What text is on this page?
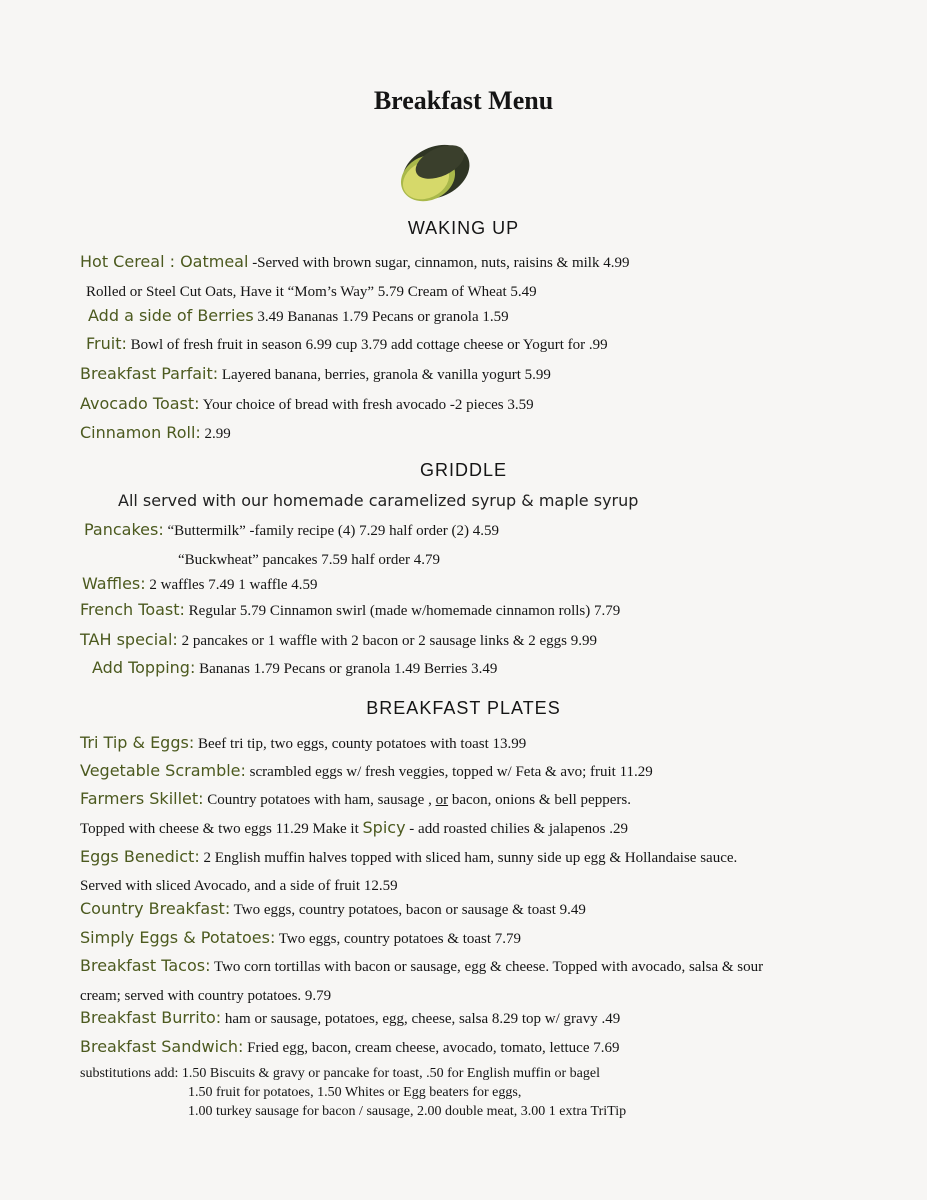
Breakfast Menu
WAKING UP
Hot Cereal : Oatmeal -Served with brown sugar, cinnamon, nuts, raisins & milk 4.99
Rolled or Steel Cut Oats, Have it “Mom’s Way” 5.79 Cream of Wheat 5.49
Add a side of Berries 3.49 Bananas 1.79 Pecans or granola 1.59
Fruit: Bowl of fresh fruit in season 6.99 cup 3.79 add cottage cheese or Yogurt for .99
Breakfast Parfait: Layered banana, berries, granola & vanilla yogurt 5.99
Avocado Toast: Your choice of bread with fresh avocado -2 pieces 3.59
Cinnamon Roll: 2.99
GRIDDLE
All served with our homemade caramelized syrup & maple syrup
Pancakes: “Buttermilk” -family recipe (4) 7.29 half order (2) 4.59
“Buckwheat” pancakes 7.59 half order 4.79
Waffles: 2 waffles 7.49 1 waffle 4.59
French Toast: Regular 5.79 Cinnamon swirl (made w/homemade cinnamon rolls) 7.79
TAH special: 2 pancakes or 1 waffle with 2 bacon or 2 sausage links & 2 eggs 9.99
Add Topping: Bananas 1.79 Pecans or granola 1.49 Berries 3.49
BREAKFAST PLATES
Tri Tip & Eggs: Beef tri tip, two eggs, county potatoes with toast 13.99
Vegetable Scramble: scrambled eggs w/ fresh veggies, topped w/ Feta & avo; fruit 11.29
Farmers Skillet: Country potatoes with ham, sausage , or bacon, onions & bell peppers.
Topped with cheese & two eggs 11.29 Make it Spicy - add roasted chilies & jalapenos .29
Eggs Benedict: 2 English muffin halves topped with sliced ham, sunny side up egg & Hollandaise sauce.
Served with sliced Avocado, and a side of fruit 12.59
Country Breakfast: Two eggs, country potatoes, bacon or sausage & toast 9.49
Simply Eggs & Potatoes: Two eggs, country potatoes & toast 7.79
Breakfast Tacos: Two corn tortillas with bacon or sausage, egg & cheese. Topped with avocado, salsa & sour
cream; served with country potatoes. 9.79
Breakfast Burrito: ham or sausage, potatoes, egg, cheese, salsa 8.29 top w/ gravy .49
Breakfast Sandwich: Fried egg, bacon, cream cheese, avocado, tomato, lettuce 7.69
substitutions add: 1.50 Biscuits & gravy or pancake for toast, .50 for English muffin or bagel
1.50 fruit for potatoes, 1.50 Whites or Egg beaters for eggs,
1.00 turkey sausage for bacon / sausage, 2.00 double meat, 3.00 1 extra TriTip
